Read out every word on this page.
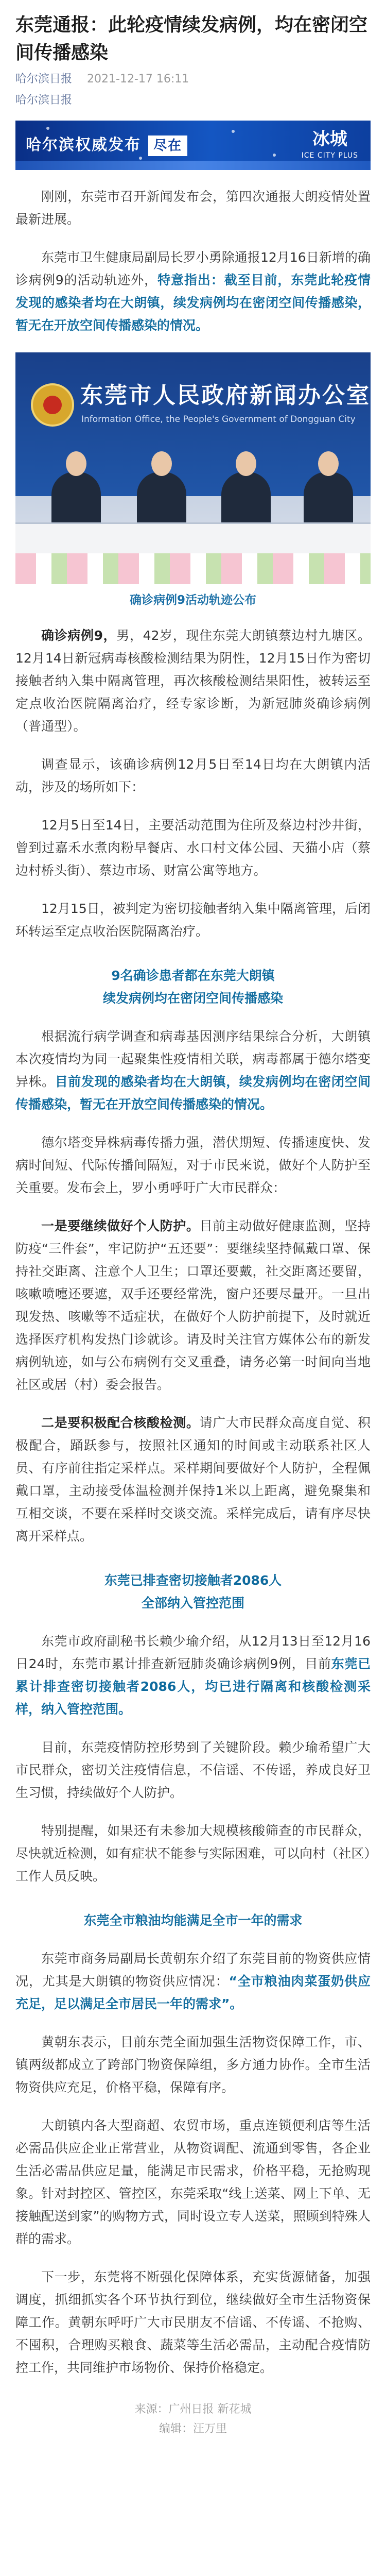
东莞通报：此轮疫情续发病例，均在密闭空间传播感染
哈尔滨日报 2021-12-17 16:11
哈尔滨日报
哈尔滨权威发布 尽在	冰城
ICE CITY PLUS

刚刚，东莞市召开新闻发布会，第四次通报大朗疫情处置最新进展。

东莞市卫生健康局副局长罗小勇除通报12月16日新增的确诊病例9的活动轨迹外，特意指出：截至目前，东莞此轮疫情发现的感染者均在大朗镇，续发病例均在密闭空间传播感染，暂无在开放空间传播感染的情况。

东莞市人民政府新闻办公室
Information Office, the People's Government of Dongguan City
确诊病例9活动轨迹公布

确诊病例9，男，42岁，现住东莞大朗镇蔡边村九塘区。12月14日新冠病毒核酸检测结果为阴性，12月15日作为密切接触者纳入集中隔离管理，再次核酸检测结果阳性，被转运至定点收治医院隔离治疗，经专家诊断，为新冠肺炎确诊病例（普通型）。

调查显示，该确诊病例12月5日至14日均在大朗镇内活动，涉及的场所如下：

12月5日至14日，主要活动范围为住所及蔡边村沙井街，曾到过嘉禾水煮肉粉早餐店、水口村文体公园、天猫小店（蔡边村桥头街）、蔡边市场、财富公寓等地方。

12月15日，被判定为密切接触者纳入集中隔离管理，后闭环转运至定点收治医院隔离治疗。

9名确诊患者都在东莞大朗镇
续发病例均在密闭空间传播感染

根据流行病学调查和病毒基因测序结果综合分析，大朗镇本次疫情均为同一起聚集性疫情相关联，病毒都属于德尔塔变异株。目前发现的感染者均在大朗镇，续发病例均在密闭空间传播感染，暂无在开放空间传播感染的情况。

德尔塔变异株病毒传播力强，潜伏期短、传播速度快、发病时间短、代际传播间隔短，对于市民来说，做好个人防护至关重要。发布会上，罗小勇呼吁广大市民群众：

一是要继续做好个人防护。目前主动做好健康监测，坚持防疫“三件套”，牢记防护“五还要”：要继续坚持佩戴口罩、保持社交距离、注意个人卫生；口罩还要戴，社交距离还要留，咳嗽喷嚏还要遮，双手还要经常洗，窗户还要尽量开。一旦出现发热、咳嗽等不适症状，在做好个人防护前提下，及时就近选择医疗机构发热门诊就诊。请及时关注官方媒体公布的新发病例轨迹，如与公布病例有交叉重叠，请务必第一时间向当地社区或居（村）委会报告。

二是要积极配合核酸检测。请广大市民群众高度自觉、积极配合，踊跃参与，按照社区通知的时间或主动联系社区人员、有序前往指定采样点。采样期间要做好个人防护，全程佩戴口罩，主动接受体温检测并保持1米以上距离，避免聚集和互相交谈，不要在采样时交谈交流。采样完成后，请有序尽快离开采样点。

东莞已排查密切接触者2086人
全部纳入管控范围

东莞市政府副秘书长赖少瑜介绍，从12月13日至12月16日24时，东莞市累计排查新冠肺炎确诊病例9例，目前东莞已累计排查密切接触者2086人，均已进行隔离和核酸检测采样，纳入管控范围。

目前，东莞疫情防控形势到了关键阶段。赖少瑜希望广大市民群众，密切关注疫情信息，不信谣、不传谣，养成良好卫生习惯，持续做好个人防护。

特别提醒，如果还有未参加大规模核酸筛查的市民群众，尽快就近检测，如有症状不能参与实际困难，可以向村（社区）工作人员反映。

东莞全市粮油均能满足全市一年的需求

东莞市商务局副局长黄朝东介绍了东莞目前的物资供应情况，尤其是大朗镇的物资供应情况：“全市粮油肉菜蛋奶供应充足，足以满足全市居民一年的需求”。

黄朝东表示，目前东莞全面加强生活物资保障工作，市、镇两级都成立了跨部门物资保障组，多方通力协作。全市生活物资供应充足，价格平稳，保障有序。

大朗镇内各大型商超、农贸市场，重点连锁便利店等生活必需品供应企业正常营业，从物资调配、流通到零售，各企业生活必需品供应足量，能满足市民需求，价格平稳，无抢购现象。针对封控区、管控区，东莞采取“线上送菜、网上下单、无接触配送到家”的购物方式，同时设立专人送菜，照顾到特殊人群的需求。

下一步，东莞将不断强化保障体系，充实货源储备，加强调度，抓细抓实各个环节执行到位，继续做好全市生活物资保障工作。黄朝东呼吁广大市民朋友不信谣、不传谣、不抢购、不囤积，合理购买粮食、蔬菜等生活必需品，主动配合疫情防控工作，共同维护市场物价、保持价格稳定。

来源：广州日报 新花城
编辑：汪万里
